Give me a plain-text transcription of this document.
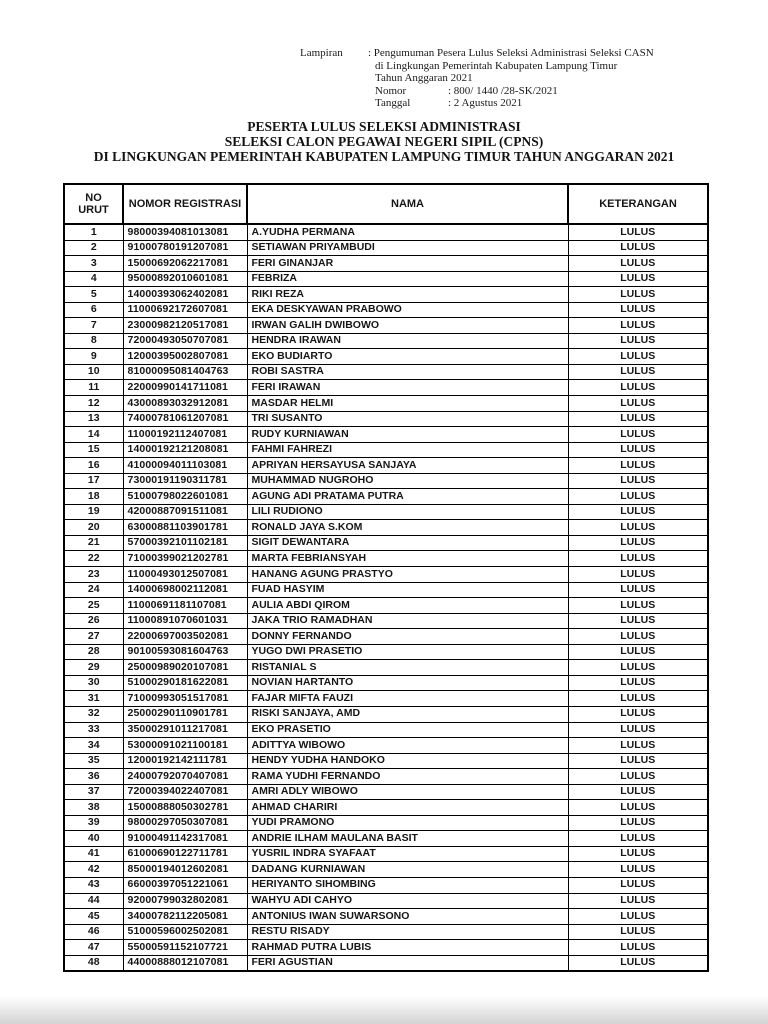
Lampiran	: Pengumuman Pesera Lulus Seleksi Administrasi Seleksi CASN
di Lingkungan Pemerintah Kabupaten Lampung Timur
Tahun Anggaran 2021
Nomor	: 800/ 1440 /28-SK/2021
Tanggal	: 2 Agustus 2021
PESERTA LULUS SELEKSI ADMINISTRASI
SELEKSI CALON PEGAWAI NEGERI SIPIL (CPNS)
DI LINGKUNGAN PEMERINTAH KABUPATEN LAMPUNG TIMUR TAHUN ANGGARAN 2021
NO URUT	NOMOR REGISTRASI	NAMA	KETERANGAN
1	98000394081013081	A.YUDHA PERMANA	LULUS
2	91000780191207081	SETIAWAN PRIYAMBUDI	LULUS
3	15000692062217081	FERI GINANJAR	LULUS
4	95000892010601081	FEBRIZA	LULUS
5	14000393062402081	RIKI REZA	LULUS
6	11000692172607081	EKA DESKYAWAN PRABOWO	LULUS
7	23000982120517081	IRWAN GALIH DWIBOWO	LULUS
8	72000493050707081	HENDRA IRAWAN	LULUS
9	12000395002807081	EKO BUDIARTO	LULUS
10	81000095081404763	ROBI SASTRA	LULUS
11	22000990141711081	FERI IRAWAN	LULUS
12	43000893032912081	MASDAR HELMI	LULUS
13	74000781061207081	TRI SUSANTO	LULUS
14	11000192112407081	RUDY KURNIAWAN	LULUS
15	14000192121208081	FAHMI FAHREZI	LULUS
16	41000094011103081	APRIYAN HERSAYUSA SANJAYA	LULUS
17	73000191190311781	MUHAMMAD NUGROHO	LULUS
18	51000798022601081	AGUNG ADI PRATAMA PUTRA	LULUS
19	42000887091511081	LILI RUDIONO	LULUS
20	63000881103901781	RONALD JAYA S.KOM	LULUS
21	57000392101102181	SIGIT DEWANTARA	LULUS
22	71000399021202781	MARTA FEBRIANSYAH	LULUS
23	11000493012507081	HANANG AGUNG PRASTYO	LULUS
24	14000698002112081	FUAD HASYIM	LULUS
25	11000691181107081	AULIA ABDI QIROM	LULUS
26	11000891070601031	JAKA TRIO RAMADHAN	LULUS
27	22000697003502081	DONNY FERNANDO	LULUS
28	90100593081604763	YUGO DWI PRASETIO	LULUS
29	25000989020107081	RISTANIAL S	LULUS
30	51000290181622081	NOVIAN HARTANTO	LULUS
31	71000993051517081	FAJAR MIFTA FAUZI	LULUS
32	25000290110901781	RISKI SANJAYA, AMD	LULUS
33	35000291011217081	EKO PRASETIO	LULUS
34	53000091021100181	ADITTYA WIBOWO	LULUS
35	12000192142111781	HENDY YUDHA HANDOKO	LULUS
36	24000792070407081	RAMA YUDHI FERNANDO	LULUS
37	72000394022407081	AMRI ADLY WIBOWO	LULUS
38	15000888050302781	AHMAD CHARIRI	LULUS
39	98000297050307081	YUDI PRAMONO	LULUS
40	91000491142317081	ANDRIE ILHAM MAULANA BASIT	LULUS
41	61000690122711781	YUSRIL INDRA SYAFAAT	LULUS
42	85000194012602081	DADANG KURNIAWAN	LULUS
43	66000397051221061	HERIYANTO SIHOMBING	LULUS
44	92000799032802081	WAHYU ADI CAHYO	LULUS
45	34000782112205081	ANTONIUS IWAN SUWARSONO	LULUS
46	51000596002502081	RESTU RISADY	LULUS
47	55000591152107721	RAHMAD PUTRA LUBIS	LULUS
48	44000888012107081	FERI AGUSTIAN	LULUS
